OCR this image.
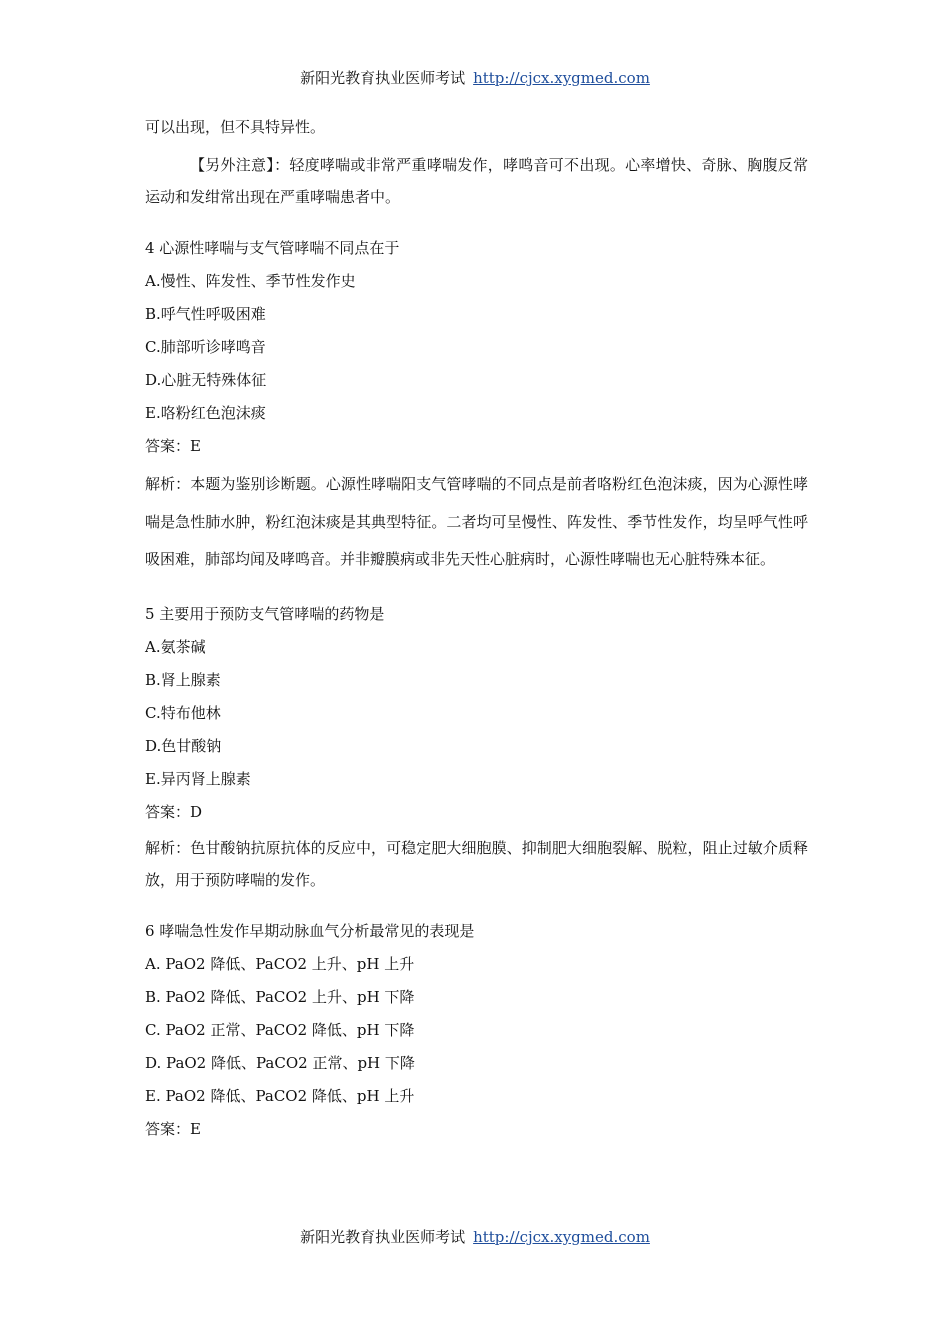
新阳光教育执业医师考试 http://cjcx.xygmed.com
可以出现，但不具特异性。
【另外注意】：轻度哮喘或非常严重哮喘发作，哮鸣音可不出现。心率增快、奇脉、胸腹反常运动和发绀常出现在严重哮喘患者中。
4 心源性哮喘与支气管哮喘不同点在于
A.慢性、阵发性、季节性发作史
B.呼气性呼吸困难
C.肺部听诊哮鸣音
D.心脏无特殊体征
E.咯粉红色泡沫痰
答案：E
解析：本题为鉴别诊断题。心源性哮喘阳支气管哮喘的不同点是前者咯粉红色泡沫痰，因为心源性哮喘是急性肺水肿，粉红泡沫痰是其典型特征。二者均可呈慢性、阵发性、季节性发作，均呈呼气性呼吸困难，肺部均闻及哮鸣音。并非瓣膜病或非先天性心脏病时，心源性哮喘也无心脏特殊本征。
5 主要用于预防支气管哮喘的药物是
A.氨茶碱
B.肾上腺素
C.特布他林
D.色甘酸钠
E.异丙肾上腺素
答案：D
解析：色甘酸钠抗原抗体的反应中，可稳定肥大细胞膜、抑制肥大细胞裂解、脱粒，阻止过敏介质释放，用于预防哮喘的发作。
6 哮喘急性发作早期动脉血气分析最常见的表现是
A. PaO2 降低、PaCO2 上升、pH 上升
B. PaO2 降低、PaCO2 上升、pH 下降
C. PaO2 正常、PaCO2 降低、pH 下降
D. PaO2 降低、PaCO2 正常、pH 下降
E. PaO2 降低、PaCO2 降低、pH 上升
答案：E
新阳光教育执业医师考试 http://cjcx.xygmed.com
